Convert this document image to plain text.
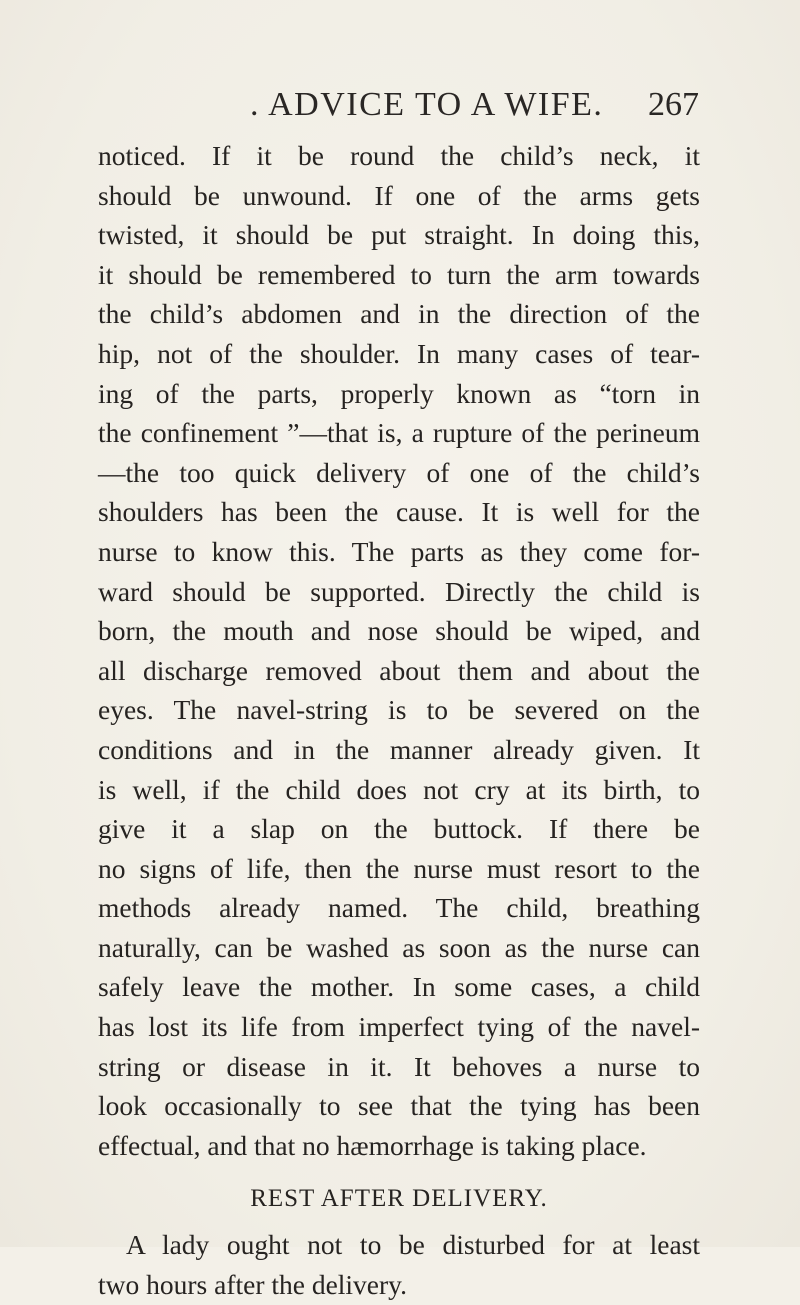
. ADVICE TO A WIFE. 267
noticed. If it be round the child’s neck, it
should be unwound. If one of the arms gets
twisted, it should be put straight. In doing this,
it should be remembered to turn the arm towards
the child’s abdomen and in the direction of the
hip, not of the shoulder. In many cases of tear-
ing of the parts, properly known as “torn in
the confinement ”—that is, a rupture of the perineum
—the too quick delivery of one of the child’s
shoulders has been the cause. It is well for the
nurse to know this. The parts as they come for-
ward should be supported. Directly the child is
born, the mouth and nose should be wiped, and
all discharge removed about them and about the
eyes. The navel-string is to be severed on the
conditions and in the manner already given. It
is well, if the child does not cry at its birth, to
give it a slap on the buttock. If there be
no signs of life, then the nurse must resort to the
methods already named. The child, breathing
naturally, can be washed as soon as the nurse can
safely leave the mother. In some cases, a child
has lost its life from imperfect tying of the navel-
string or disease in it. It behoves a nurse to
look occasionally to see that the tying has been
effectual, and that no hæmorrhage is taking place.
REST AFTER DELIVERY.
A lady ought not to be disturbed for at least
two hours after the delivery.
